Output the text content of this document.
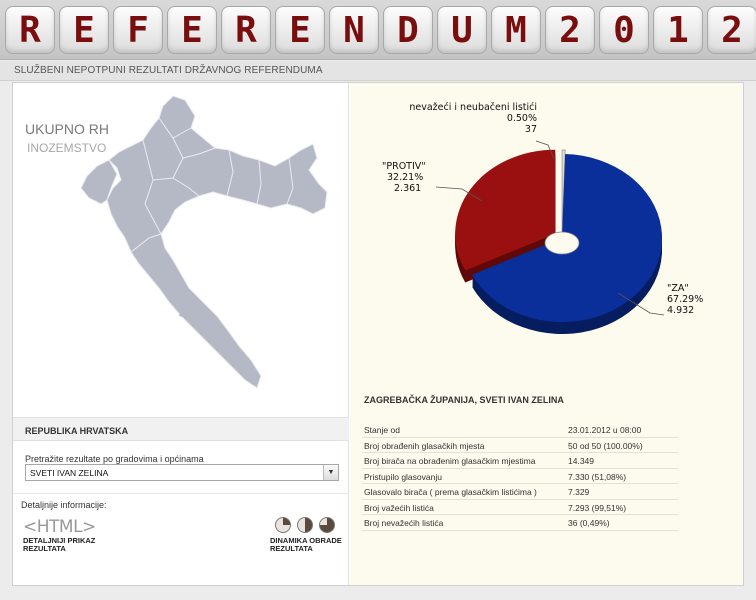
R E F E R E N D U M 2 0 1 2
SLUŽBENI NEPOTPUNI REZULTATI DRŽAVNOG REFERENDUMA
UKUPNO RH
INOZEMSTVO
REPUBLIKA HRVATSKA
Pretražite rezultate po gradovima i općinama
SVETI IVAN ZELINA	▼
Detaljnije informacije:
<HTML>
DETALJNIJI PRIKAZ REZULTATA
DINAMIKA OBRADE REZULTATA
"ZA"
67.29%
4.932
"PROTIV"
32.21%
2.361
nevažeći i neubačeni listići
0.50%
37
ZAGREBAČKA ŽUPANIJA, SVETI IVAN ZELINA
Stanje od	23.01.2012 u 08:00
Broj obrađenih glasačkih mjesta	50 od 50 (100.00%)
Broj birača na obrađenim glasačkim mjestima	14.349
Pristupilo glasovanju	7.330 (51,08%)
Glasovalo birača ( prema glasačkim listićima )	7.329
Broj važećih listića	7.293 (99,51%)
Broj nevažećih listića	36 (0,49%)
